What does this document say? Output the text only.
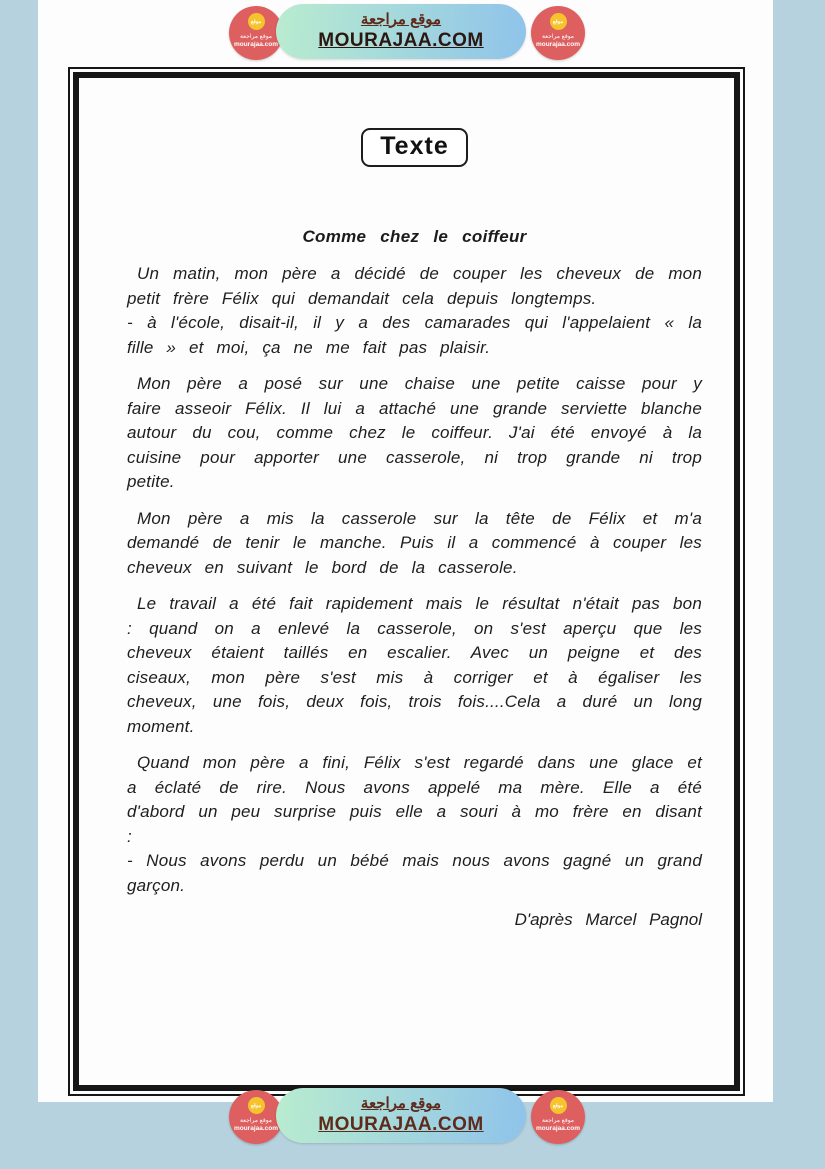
Texte
Comme chez le coiffeur

Un matin, mon père a décidé de couper les cheveux de mon petit frère Félix qui demandait cela depuis longtemps.
- à l'école, disait-il, il y a des camarades qui l'appelaient « la fille » et moi, ça ne me fait pas plaisir.

Mon père a posé sur une chaise une petite caisse pour y faire asseoir Félix. Il lui a attaché une grande serviette blanche autour du cou, comme chez le coiffeur. J'ai été envoyé à la cuisine pour apporter une casserole, ni trop grande ni trop petite.

Mon père a mis la casserole sur la tête de Félix et m'a demandé de tenir le manche. Puis il a commencé à couper les cheveux en suivant le bord de la casserole.

Le travail a été fait rapidement mais le résultat n'était pas bon : quand on a enlevé la casserole, on s'est aperçu que les cheveux étaient taillés en escalier. Avec un peigne et des ciseaux, mon père s'est mis à corriger et à égaliser les cheveux, une fois, deux fois, trois fois....Cela a duré un long moment.

Quand mon père a fini, Félix s'est regardé dans une glace et a éclaté de rire. Nous avons appelé ma mère. Elle a été d'abord un peu surprise puis elle a souri à mo frère en disant :
- Nous avons perdu un bébé mais nous avons gagné un grand garçon.

D'après Marcel Pagnol
موقع
موقع مراجعة
mourajaa.com
موقع مراجعة
MOURAJAA.COM
موقع
موقع مراجعة
mourajaa.com
موقع
موقع مراجعة
mourajaa.com
موقع مراجعة
MOURAJAA.COM
موقع
موقع مراجعة
mourajaa.com
